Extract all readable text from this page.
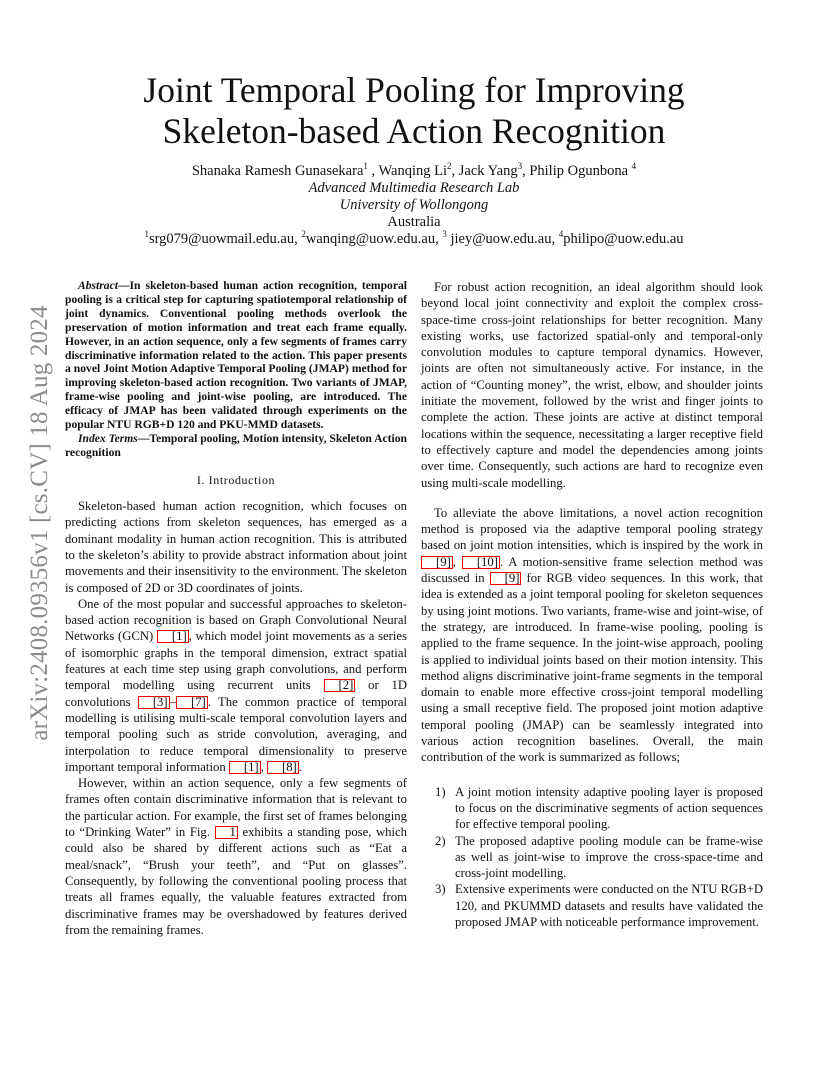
arXiv:2408.09356v1 [cs.CV] 18 Aug 2024
Joint Temporal Pooling for Improving
Skeleton-based Action Recognition
Shanaka Ramesh Gunasekara$^1$ , Wanqing Li$^2$, Jack Yang$^3$, Philip Ogunbona $^4$
Advanced Multimedia Research Lab
University of Wollongong
Australia
$^1$srg079@uowmail.edu.au, $^2$wanqing@uow.edu.au, $^3$ jiey@uow.edu.au, $^4$philipo@uow.edu.au

Abstract—In skeleton-based human action recognition, temporal pooling is a critical step for capturing spatiotemporal relationship of joint dynamics. Conventional pooling methods overlook the preservation of motion information and treat each frame equally. However, in an action sequence, only a few segments of frames carry discriminative information related to the action. This paper presents a novel Joint Motion Adaptive Temporal Pooling (JMAP) method for improving skeleton-based action recognition. Two variants of JMAP, frame-wise pooling and joint-wise pooling, are introduced. The efficacy of JMAP has been validated through experiments on the popular NTU RGB+D 120 and PKU-MMD datasets.

Index Terms—Temporal pooling, Motion intensity, Skeleton Action recognition

I. Introduction

Skeleton-based human action recognition, which focuses on predicting actions from skeleton sequences, has emerged as a dominant modality in human action recognition. This is attributed to the skeleton’s ability to provide abstract information about joint movements and their insensitivity to the environment. The skeleton is composed of 2D or 3D coordinates of joints.

One of the most popular and successful approaches to skeleton-based action recognition is based on Graph Convolutional Neural Networks (GCN) [1] , which model joint movements as a series of isomorphic graphs in the temporal dimension, extract spatial features at each time step using graph convolutions, and perform temporal modelling using recurrent units [2] or 1D convolutions [3] – [7] . The common practice of temporal modelling is utilising multi-scale temporal convolution layers and temporal pooling such as stride convolution, averaging, and interpolation to reduce temporal dimensionality to preserve important temporal information [1] , [8] .

However, within an action sequence, only a few segments of frames often contain discriminative information that is relevant to the particular action. For example, the first set of frames belonging to “Drinking Water” in Fig. 1 exhibits a standing pose, which could also be shared by different actions such as “Eat a meal/snack”, “Brush your teeth”, and “Put on glasses”. Consequently, by following the conventional pooling process that treats all frames equally, the valuable features extracted from discriminative frames may be overshadowed by features derived from the remaining frames.

For robust action recognition, an ideal algorithm should look beyond local joint connectivity and exploit the complex cross-space-time cross-joint relationships for better recognition. Many existing works, use factorized spatial-only and temporal-only convolution modules to capture temporal dynamics. However, joints are often not simultaneously active. For instance, in the action of “Counting money”, the wrist, elbow, and shoulder joints initiate the movement, followed by the wrist and finger joints to complete the action. These joints are active at distinct temporal locations within the sequence, necessitating a larger receptive field to effectively capture and model the dependencies among joints over time. Consequently, such actions are hard to recognize even using multi-scale modelling.

To alleviate the above limitations, a novel action recognition method is proposed via the adaptive temporal pooling strategy based on joint motion intensities, which is inspired by the work in [9] , [10] . A motion-sensitive frame selection method was discussed in [9] for RGB video sequences. In this work, that idea is extended as a joint temporal pooling for skeleton sequences by using joint motions. Two variants, frame-wise and joint-wise, of the strategy, are introduced. In frame-wise pooling, pooling is applied to the frame sequence. In the joint-wise approach, pooling is applied to individual joints based on their motion intensity. This method aligns discriminative joint-frame segments in the temporal domain to enable more effective cross-joint temporal modelling using a small receptive field. The proposed joint motion adaptive temporal pooling (JMAP) can be seamlessly integrated into various action recognition baselines. Overall, the main contribution of the work is summarized as follows;

1) A joint motion intensity adaptive pooling layer is proposed to focus on the discriminative segments of action sequences for effective temporal pooling.
2) The proposed adaptive pooling module can be frame-wise as well as joint-wise to improve the cross-space-time and cross-joint modelling.
3) Extensive experiments were conducted on the NTU RGB+D 120, and PKUMMD datasets and results have validated the proposed JMAP with noticeable performance improvement.
